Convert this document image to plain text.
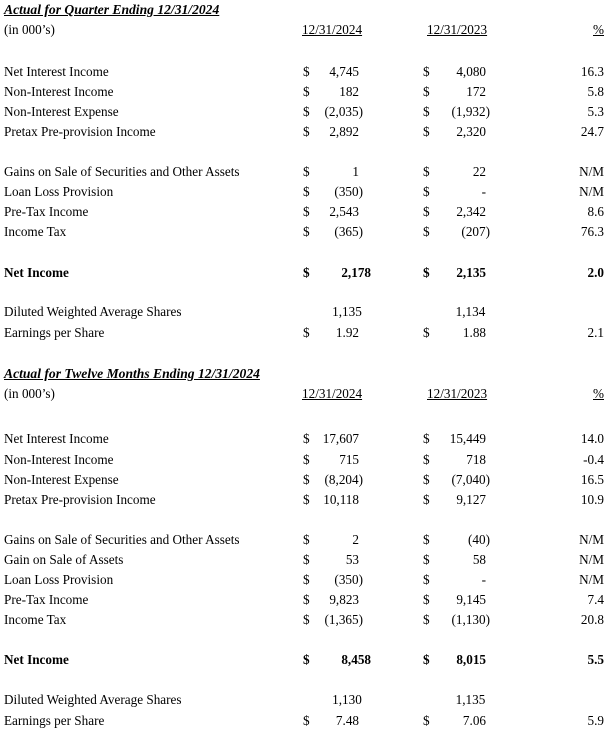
Actual for Quarter Ending 12/31/2024
(in 000’s)	12/31/2024	12/31/2023	%
Net Interest Income	$ 4,745	$ 4,080	16.3
Non-Interest Income	$ 182	$	172	5.8
Non-Interest Expense	$ (2,035)	$ (1,932)	5.3
Pretax Pre-provision Income	$ 2,892	$ 2,320	24.7
Gains on Sale of Securities and Other Assets	$	1	$	22	N/M
Loan Loss Provision	$ (350)	$	-	N/M
Pre-Tax Income	$ 2,543	$ 2,342	8.6
Income Tax	$ (365)	$ (207)	76.3
Net Income	$ 2,178	$ 2,135	2.0
Diluted Weighted Average Shares	1,135	1,134
Earnings per Share	$ 1.92	$	1.88	2.1
Actual for Twelve Months Ending 12/31/2024
(in 000’s)	12/31/2024	12/31/2023	%
Net Interest Income	$ 17,607	$ 15,449	14.0
Non-Interest Income	$ 715	$	718	-0.4
Non-Interest Expense	$ (8,204)	$ (7,040)	16.5
Pretax Pre-provision Income	$ 10,118	$ 9,127	10.9
Gains on Sale of Securities and Other Assets	$	2	$	(40)	N/M
Gain on Sale of Assets	$	53	$	58	N/M
Loan Loss Provision	$ (350)	$	-	N/M
Pre-Tax Income	$ 9,823	$ 9,145	7.4
Income Tax	$ (1,365)	$ (1,130)	20.8
Net Income	$ 8,458	$ 8,015	5.5
Diluted Weighted Average Shares	1,130	1,135
Earnings per Share	$ 7.48	$	7.06	5.9
